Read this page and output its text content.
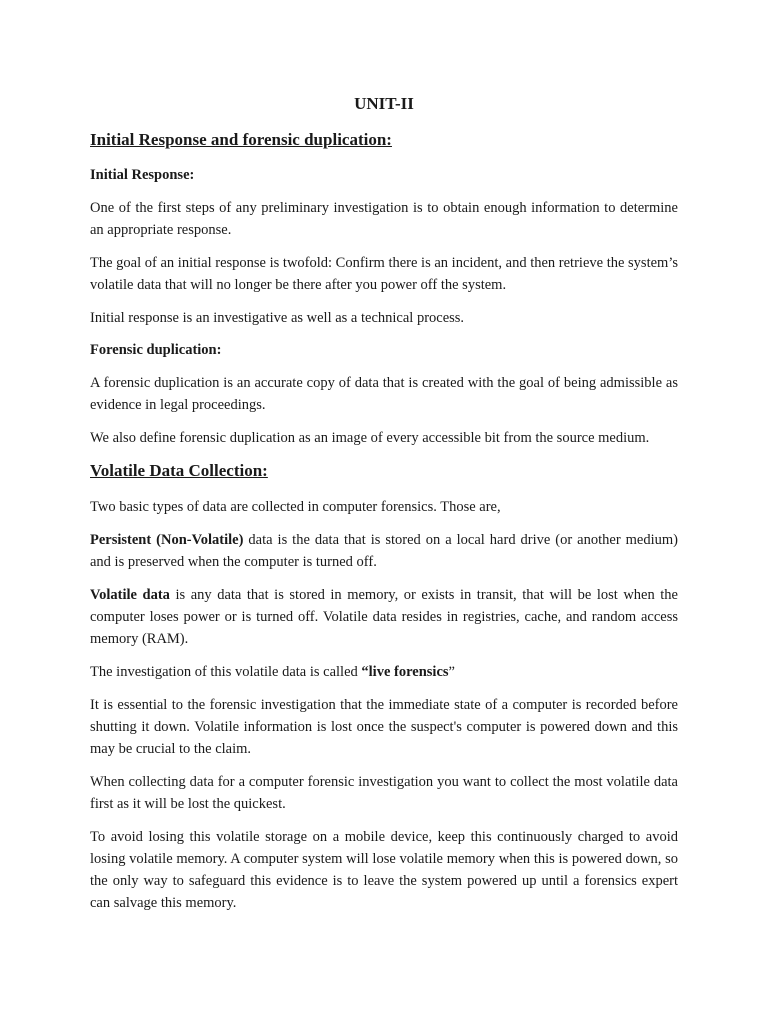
UNIT-II
Initial Response and forensic duplication:
Initial Response:

One of the first steps of any preliminary investigation is to obtain enough information to determine an appropriate response.

The goal of an initial response is twofold: Confirm there is an incident, and then retrieve the system’s volatile data that will no longer be there after you power off the system.

Initial response is an investigative as well as a technical process.

Forensic duplication:

A forensic duplication is an accurate copy of data that is created with the goal of being admissible as evidence in legal proceedings.

We also define forensic duplication as an image of every accessible bit from the source medium.

Volatile Data Collection:

Two basic types of data are collected in computer forensics. Those are,

Persistent (Non-Volatile) data is the data that is stored on a local hard drive (or another medium) and is preserved when the computer is turned off.

Volatile data is any data that is stored in memory, or exists in transit, that will be lost when the computer loses power or is turned off. Volatile data resides in registries, cache, and random access memory (RAM).

The investigation of this volatile data is called “live forensics”

It is essential to the forensic investigation that the immediate state of a computer is recorded before shutting it down. Volatile information is lost once the suspect's computer is powered down and this may be crucial to the claim.

When collecting data for a computer forensic investigation you want to collect the most volatile data first as it will be lost the quickest.

To avoid losing this volatile storage on a mobile device, keep this continuously charged to avoid losing volatile memory. A computer system will lose volatile memory when this is powered down, so the only way to safeguard this evidence is to leave the system powered up until a forensics expert can salvage this memory.
